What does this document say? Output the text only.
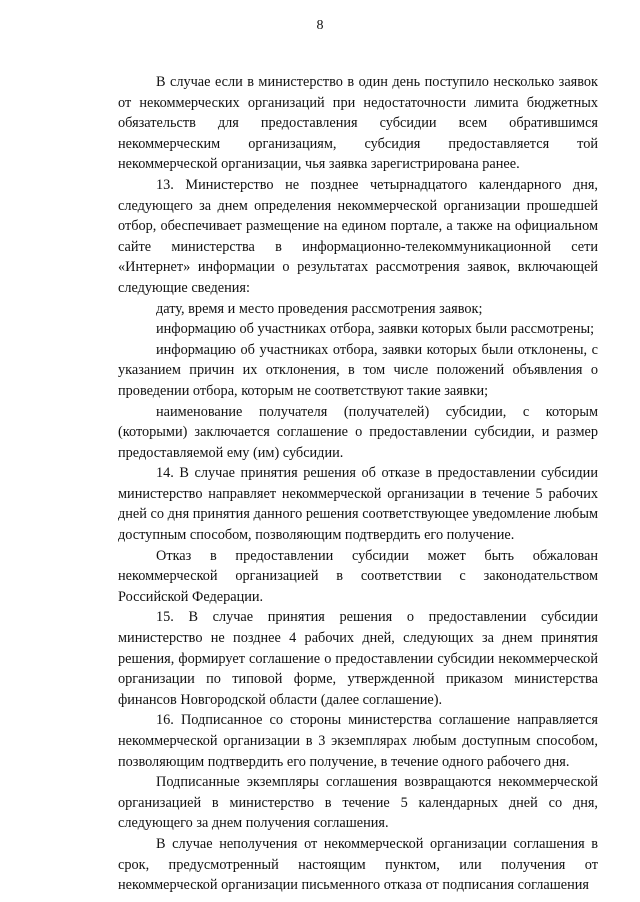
8

В случае если в министерство в один день поступило несколько заявок от некоммерческих организаций при недостаточности лимита бюджетных обязательств для предоставления субсидии всем обратившимся некоммерческим организациям, субсидия предоставляется той некоммерческой организации, чья заявка зарегистрирована ранее.

13. Министерство не позднее четырнадцатого календарного дня, следующего за днем определения некоммерческой организации прошедшей отбор, обеспечивает размещение на едином портале, а также на официальном сайте министерства в информационно-телекоммуникационной сети «Интернет» информации о результатах рассмотрения заявок, включающей следующие сведения:

дату, время и место проведения рассмотрения заявок;

информацию об участниках отбора, заявки которых были рассмотрены;

информацию об участниках отбора, заявки которых были отклонены, с указанием причин их отклонения, в том числе положений объявления о проведении отбора, которым не соответствуют такие заявки;

наименование получателя (получателей) субсидии, с которым (которыми) заключается соглашение о предоставлении субсидии, и размер предоставляемой ему (им) субсидии.

14. В случае принятия решения об отказе в предоставлении субсидии министерство направляет некоммерческой организации в течение 5 рабочих дней со дня принятия данного решения соответствующее уведомление любым доступным способом, позволяющим подтвердить его получение.

Отказ в предоставлении субсидии может быть обжалован некоммерческой организацией в соответствии с законодательством Российской Федерации.

15. В случае принятия решения о предоставлении субсидии министерство не позднее 4 рабочих дней, следующих за днем принятия решения, формирует соглашение о предоставлении субсидии некоммерческой организации по типовой форме, утвержденной приказом министерства финансов Новгородской области (далее соглашение).

16. Подписанное со стороны министерства соглашение направляется некоммерческой организации в 3 экземплярах любым доступным способом, позволяющим подтвердить его получение, в течение одного рабочего дня.

Подписанные экземпляры соглашения возвращаются некоммерческой организацией в министерство в течение 5 календарных дней со дня, следующего за днем получения соглашения.

В случае неполучения от некоммерческой организации соглашения в срок, предусмотренный настоящим пунктом, или получения от некоммерческой организации письменного отказа от подписания соглашения
